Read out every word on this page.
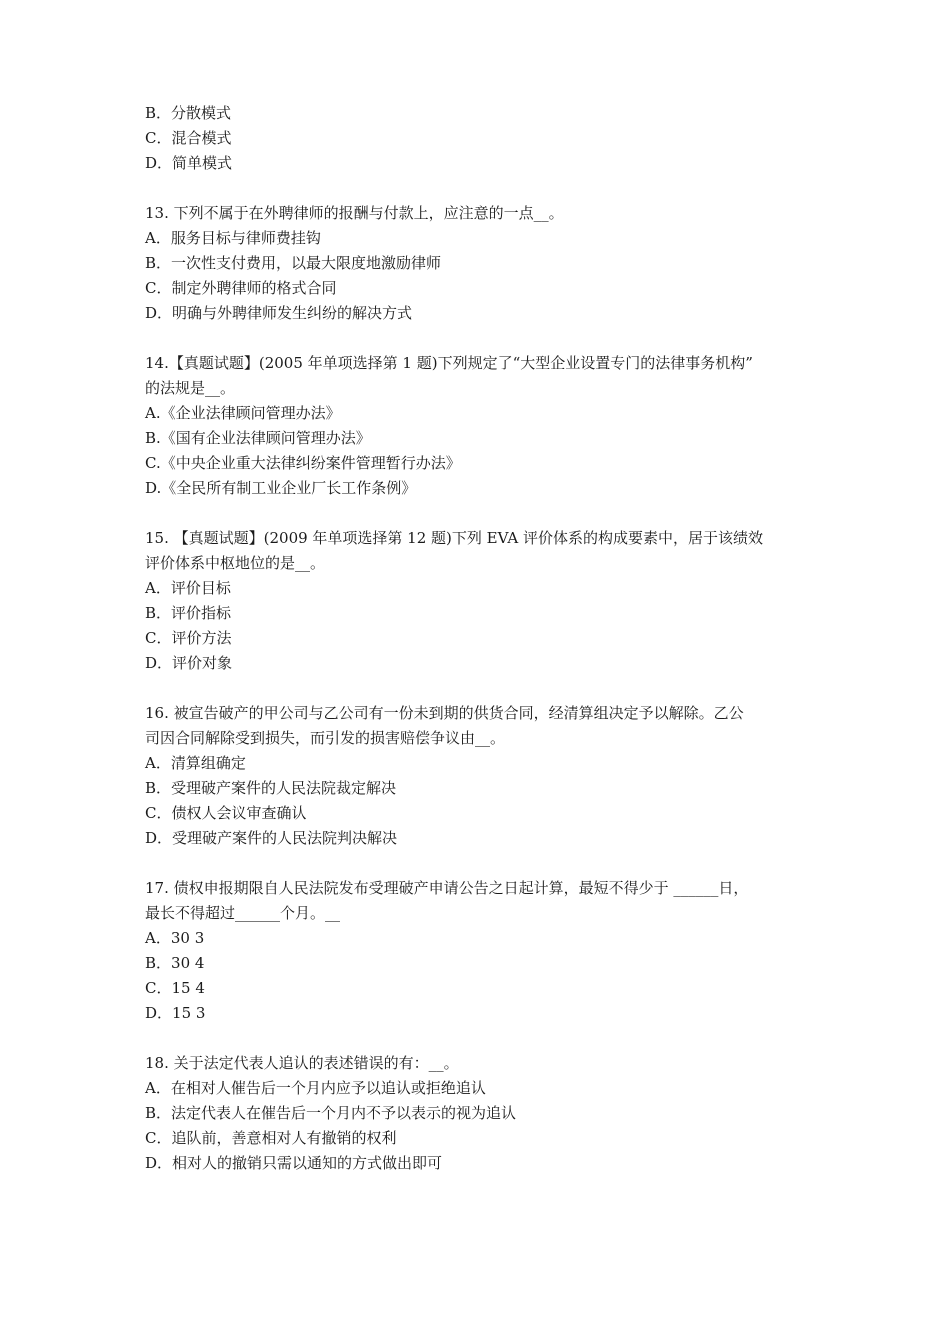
B．分散模式
C．混合模式
D．简单模式
13. 下列不属于在外聘律师的报酬与付款上，应注意的一点__。
A．服务目标与律师费挂钩
B．一次性支付费用，以最大限度地激励律师
C．制定外聘律师的格式合同
D．明确与外聘律师发生纠纷的解决方式
14.【真题试题】(2005 年单项选择第 1 题)下列规定了“大型企业设置专门的法律事务机构”
的法规是__。
A.《企业法律顾问管理办法》
B.《国有企业法律顾问管理办法》
C.《中央企业重大法律纠纷案件管理暂行办法》
D.《全民所有制工业企业厂长工作条例》
15. 【真题试题】(2009 年单项选择第 12 题)下列 EVA 评价体系的构成要素中，居于该绩效
评价体系中枢地位的是__。
A．评价目标
B．评价指标
C．评价方法
D．评价对象
16. 被宣告破产的甲公司与乙公司有一份未到期的供货合同，经清算组决定予以解除。乙公
司因合同解除受到损失，而引发的损害赔偿争议由__。
A．清算组确定
B．受理破产案件的人民法院裁定解决
C．债权人会议审查确认
D．受理破产案件的人民法院判决解决
17. 债权申报期限自人民法院发布受理破产申请公告之日起计算，最短不得少于 ______日，
最长不得超过______个月。__
A．30 3
B．30 4
C．15 4
D．15 3
18. 关于法定代表人追认的表述错误的有：__。
A．在相对人催告后一个月内应予以追认或拒绝追认
B．法定代表人在催告后一个月内不予以表示的视为追认
C．追队前，善意相对人有撤销的权利
D．相对人的撤销只需以通知的方式做出即可
